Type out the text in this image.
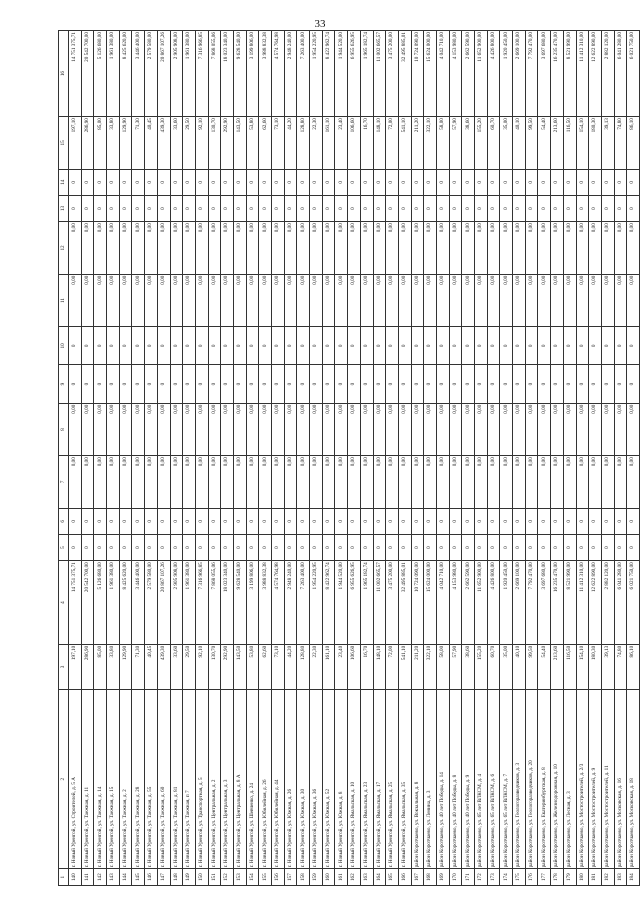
33
1	2	3	4	5	6	7	8	9	10	11	12	13	14	15	16
140	г. Новый Уренгой, ул. Строителей, д. 5 А	197,10	14 751 375,71	0	0	0,00	0,00	0	0	0,00	0,00	0	0	197,10	14 751 375,71
141	г. Новый Уренгой, ул. Таежная, д. 11	286,90	20 542 700,00	0	0	0,00	0,00	0	0	0,00	0,00	0	0	286,90	20 542 700,00
142	г. Новый Уренгой, ул. Таежная, д. 14	85,00	5 126 680,00	0	0	0,00	0,00	0	0	0,00	0,00	0	0	85,00	5 126 680,00
143	г. Новый Уренгой, ул. Таежная, д. 15	33,80	1 961 380,00	0	0	0,00	0,00	0	0	0,00	0,00	0	0	33,80	1 961 380,00
144	г. Новый Уренгой, ул. Таежная, д. 2	129,90	8 425 620,00	0	0	0,00	0,00	0	0	0,00	0,00	0	0	129,90	8 425 620,00
145	г. Новый Уренгой, ул. Таежная, д. 28	71,30	3 446 400,00	0	0	0,00	0,00	0	0	0,00	0,00	0	0	71,30	3 446 400,00
146	г. Новый Уренгой, ул. Таежная, д. 55	40,45	2 579 580,00	0	0	0,00	0,00	0	0	0,00	0,00	0	0	40,45	2 579 580,00
147	г. Новый Уренгой, ул. Таежная, д. 60	439,30	20 867 107,26	0	0	0,00	0,00	0	0	0,00	0,00	0	0	439,30	20 867 107,26
148	г. Новый Уренгой, ул. Таежная, д. 81	33,60	2 905 908,00	0	0	0,00	0,00	0	0	0,00	0,00	0	0	33,60	2 905 908,00
149	г. Новый Уренгой, ул. Таежная, п 7	29,50	1 961 380,00	0	0	0,00	0,00	0	0	0,00	0,00	0	0	29,50	1 961 380,00
150	г. Новый Уренгой, ул. Транспортная, д. 5	92,10	7 316 966,85	0	0	0,00	0,00	0	0	0,00	0,00	0	0	92,10	7 316 966,85
151	г. Новый Уренгой, ул. Центральная, д. 2	130,70	7 868 055,06	0	0	0,00	0,00	0	0	0,00	0,00	0	0	130,70	7 868 055,06
152	г. Новый Уренгой, ул. Центральная, д. 3	292,90	18 023 340,00	0	0	0,00	0,00	0	0	0,00	0,00	0	0	292,90	18 023 340,00
153	г. Новый Уренгой, ул. Центральная, д. 8 А	143,50	9 628 540,00	0	0	0,00	0,00	0	0	0,00	0,00	0	0	143,50	9 628 540,00
154	г. Новый Уренгой, ул. Шевченко, д. 24	53,80	3 199 806,00	0	0	0,00	0,00	0	0	0,00	0,00	0	0	53,80	3 199 806,00
155	г. Новый Уренгой, ул. Юбилейная, д. 26	62,60	3 988 832,38	0	0	0,00	0,00	0	0	0,00	0,00	0	0	62,60	3 988 832,38
156	г. Новый Уренгой, ул. Юбилейная, д. 44	73,10	4 574 764,98	0	0	0,00	0,00	0	0	0,00	0,00	0	0	73,10	4 574 764,98
157	г. Новый Уренгой, ул. Южная, д. 26	44,20	2 948 240,00	0	0	0,00	0,00	0	0	0,00	0,00	0	0	44,20	2 948 240,00
158	г. Новый Уренгой, ул. Южная, д. 30	128,80	7 263 400,00	0	0	0,00	0,00	0	0	0,00	0,00	0	0	128,80	7 263 400,00
159	г. Новый Уренгой, ул. Южная, д. 36	22,30	1 954 220,95	0	0	0,00	0,00	0	0	0,00	0,00	0	0	22,30	1 954 220,95
160	г. Новый Уренгой, ул. Южная, д. 52	161,10	8 422 962,74	0	0	0,00	0,00	0	0	0,00	0,00	0	0	161,10	8 422 962,74
161	г. Новый Уренгой, ул. Южная, д. 8	23,40	1 944 520,00	0	0	0,00	0,00	0	0	0,00	0,00	0	0	23,40	1 944 520,00
162	г. Новый Уренгой, ул. Ямальская, д. 10	106,60	6 955 626,95	0	0	0,00	0,00	0	0	0,00	0,00	0	0	106,60	6 955 626,95
163	г. Новый Уренгой, ул. Ямальская, д. 23	16,70	1 965 182,74	0	0	0,00	0,00	0	0	0,00	0,00	0	0	16,70	1 965 182,74
164	г. Новый Уренгой, ул. Ямальская, д. 17	148,10	11 002 665,57	0	0	0,00	0,00	0	0	0,00	0,00	0	0	148,10	11 002 665,57
165	г. Новый Уренгой, ул. Ямальская, д. 25	72,00	3 475 200,00	0	0	0,00	0,00	0	0	0,00	0,00	0	0	72,00	3 475 200,00
166	г. Новый Уренгой, ул. Ямальская, д. 35	541,10	32 495 885,01	0	0	0,00	0,00	0	0	0,00	0,00	0	0	541,10	32 495 885,01
167	район Коротчаево, ул. Вокзальная, д. 8	211,20	10 724 090,00	0	0	0,00	0,00	0	0	0,00	0,00	0	0	211,20	10 724 090,00
168	район Коротчаево, ул. Ленина, д. 3	322,10	15 624 000,00	0	0	0,00	0,00	0	0	0,00	0,00	0	0	322,10	15 624 000,00
169	район Коротчаево, ул. 40 лет Победы, д. 14	58,00	4 042 710,00	0	0	0,00	0,00	0	0	0,00	0,00	0	0	58,00	4 042 710,00
170	район Коротчаево, ул. 40 лет Победы, д. 8	57,90	4 153 980,00	0	0	0,00	0,00	0	0	0,00	0,00	0	0	57,90	4 153 980,00
171	район Коротчаево, ул. 40 лет Победы, д. 9	38,60	2 662 590,00	0	0	0,00	0,00	0	0	0,00	0,00	0	0	38,60	2 662 590,00
172	район Коротчаево, ул. 65 лет ВЛКСМ, д. 4	155,20	11 652 900,00	0	0	0,00	0,00	0	0	0,00	0,00	0	0	155,20	11 652 900,00
173	район Коротчаево, ул. 65 лет ВЛКСМ, д. 6	60,70	4 426 800,00	0	0	0,00	0,00	0	0	0,00	0,00	0	0	60,70	4 426 800,00
174	район Коротчаево, ул. 65 лет ВЛКСМ, д. 7	35,00	1 920 450,00	0	0	0,00	0,00	0	0	0,00	0,00	0	0	35,00	1 920 450,00
175	район Коротчаево, ул. Геологоразведчиков, д. 3	40,10	2 669 100,00	0	0	0,00	0,00	0	0	0,00	0,00	0	0	40,10	2 669 100,00
176	район Коротчаево, ул. Геологоразведчиков, д. 20	99,50	7 792 470,00	0	0	0,00	0,00	0	0	0,00	0,00	0	0	99,50	7 792 470,00
177	район Коротчаево, ул. Екатеринбургская, д. 8	54,40	3 697 680,00	0	0	0,00	0,00	0	0	0,00	0,00	0	0	54,40	3 697 680,00
178	район Коротчаево, ул. Железнодорожная, д. 10	213,60	16 235 470,00	0	0	0,00	0,00	0	0	0,00	0,00	0	0	213,60	16 235 470,00
179	район Коротчаево, ул. Лесная, д. 3	116,50	8 521 990,00	0	0	0,00	0,00	0	0	0,00	0,00	0	0	116,50	8 521 990,00
180	район Коротчаево, ул. Мостостроителей, д. 2/3	154,10	11 412 310,00	0	0	0,00	0,00	0	0	0,00	0,00	0	0	154,10	11 412 310,00
181	район Коротчаево, ул. Мостостроителей, д. 9	180,30	12 622 890,00	0	0	0,00	0,00	0	0	0,00	0,00	0	0	180,30	12 622 890,00
182	район Коротчаево, ул. Мостостроителей, д. 11	39,13	2 882 120,00	0	0	0,00	0,00	0	0	0,00	0,00	0	0	39,13	2 882 120,00
183	район Коротчаево, ул. Московская, д. 16	74,80	6 041 280,00	0	0	0,00	0,00	0	0	0,00	0,00	0	0	74,80	6 041 280,00
184	район Коротчаево, ул. Московская, д. 18	86,10	6 021 750,00	0	0	0,00	0,00	0	0	0,00	0,00	0	0	86,10	6 021 750,00
